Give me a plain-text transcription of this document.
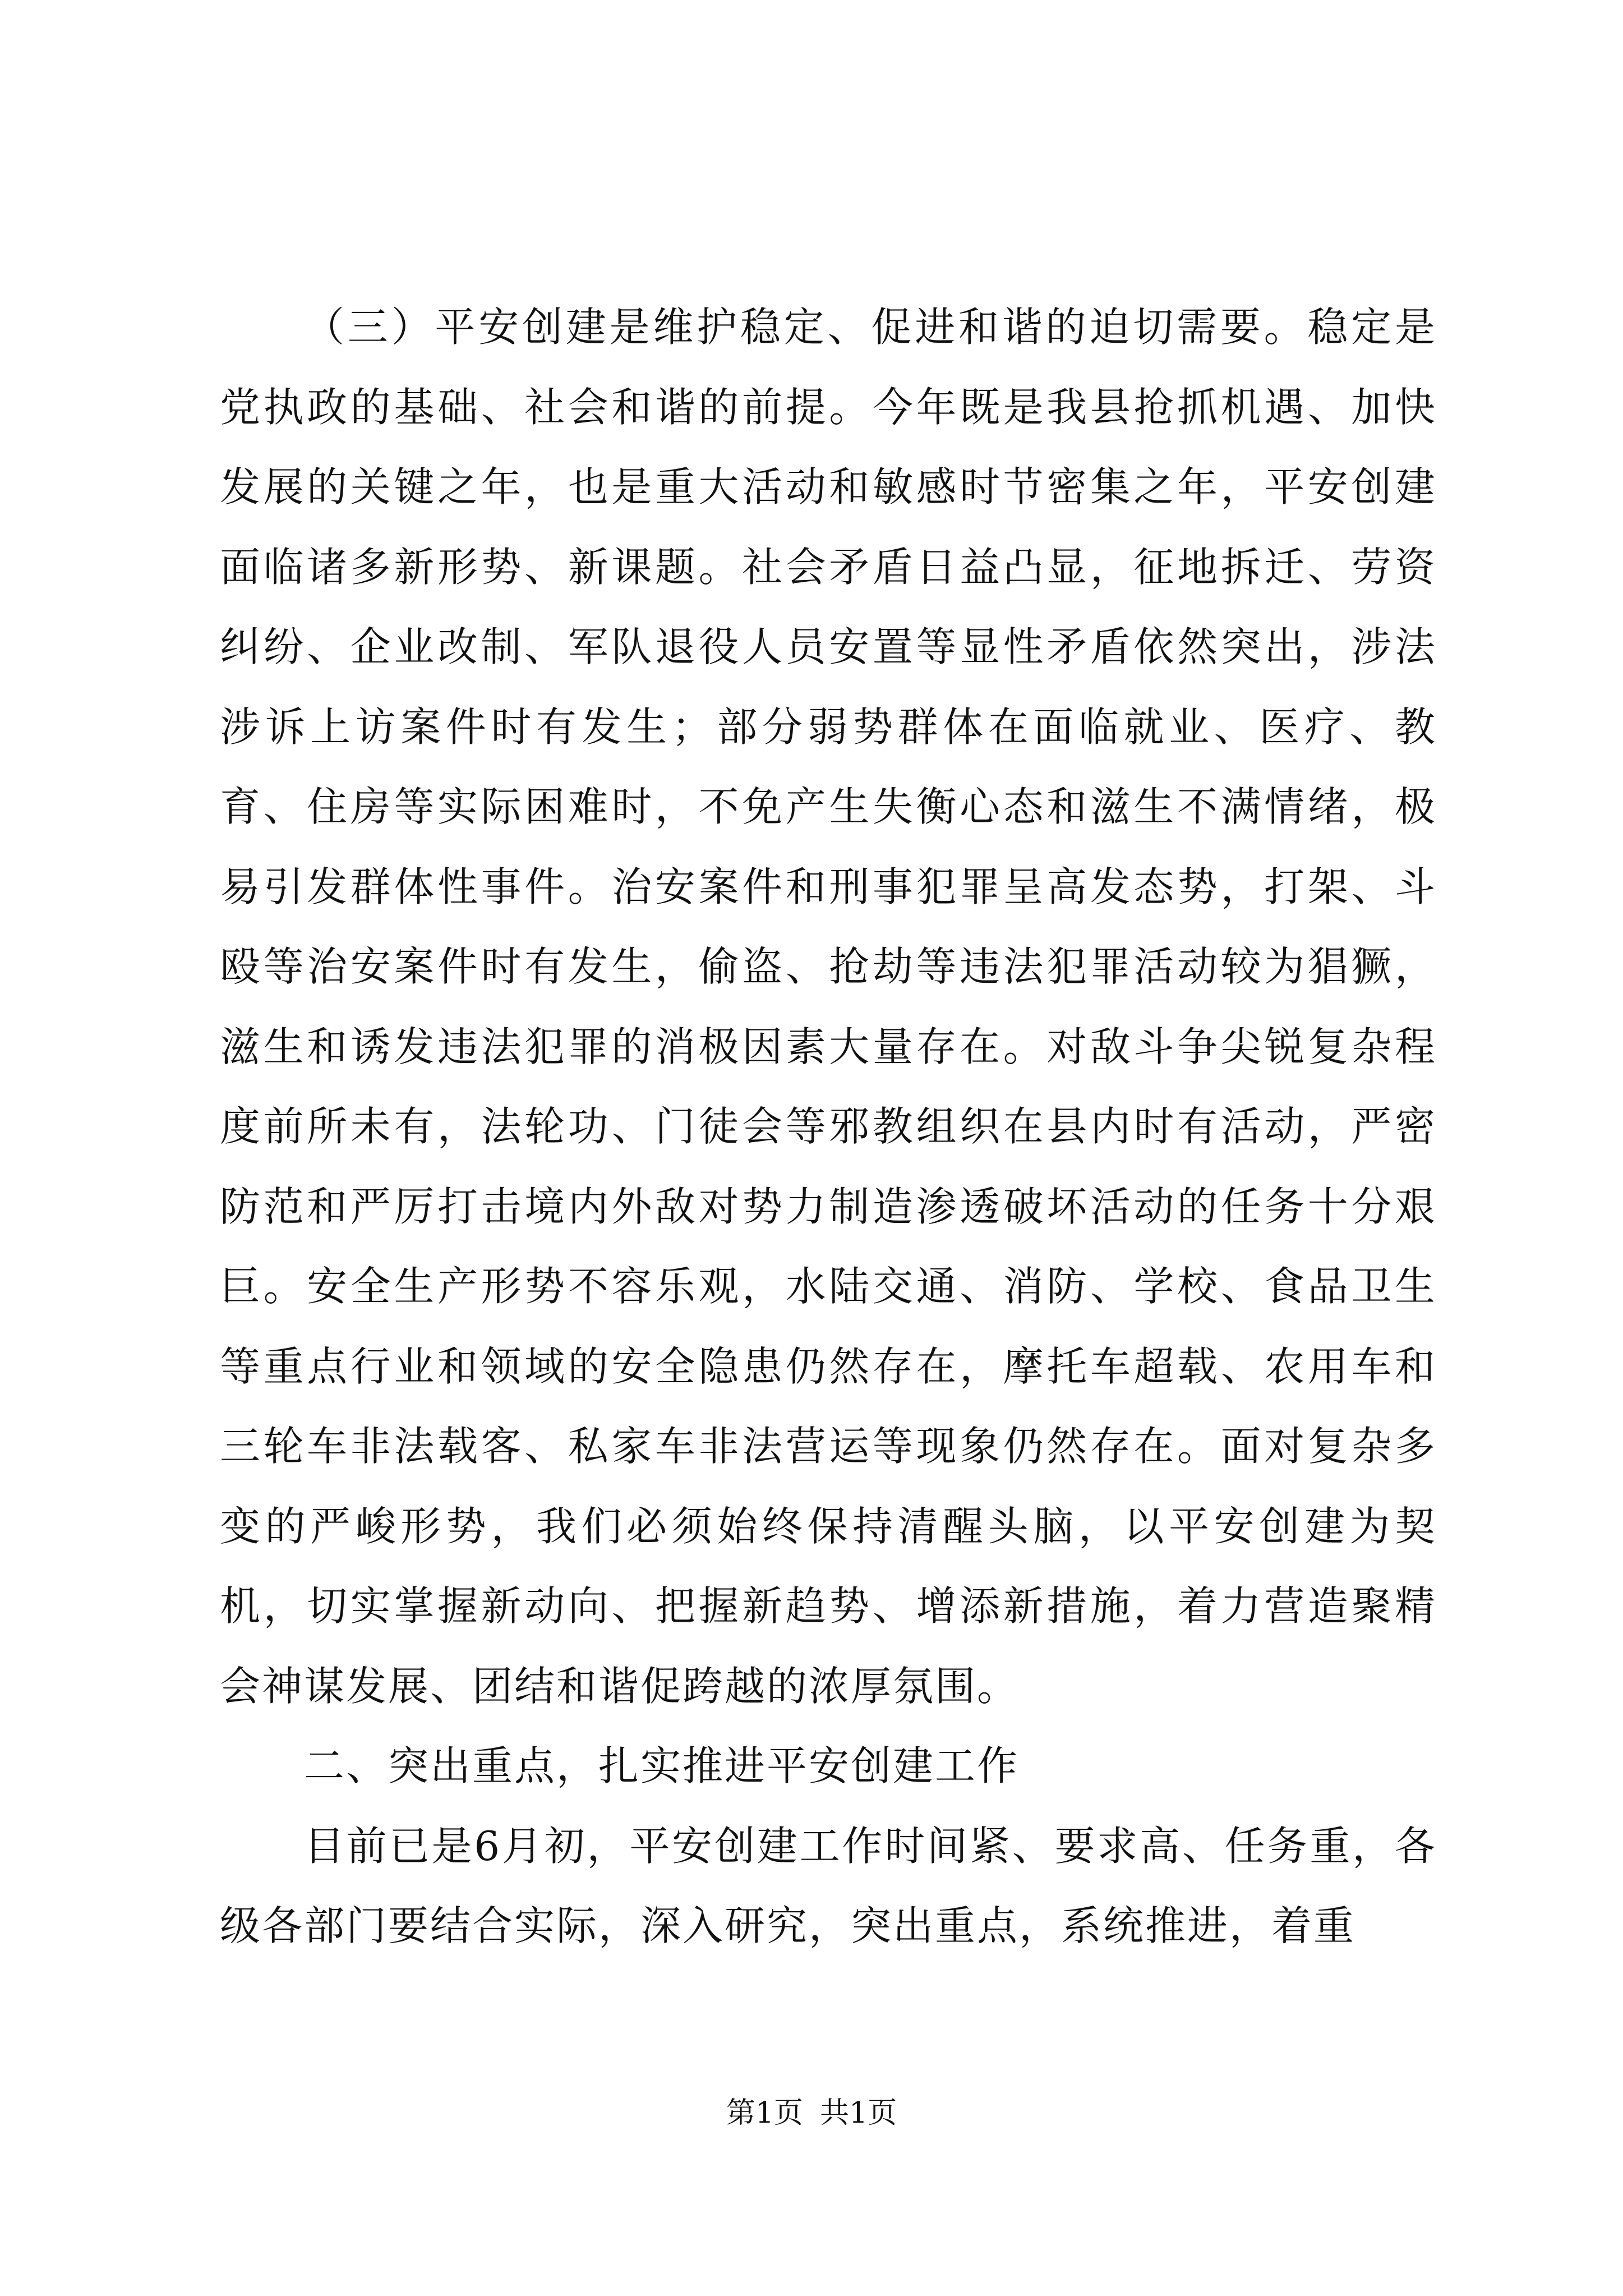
（三）平安创建是维护稳定、促进和谐的迫切需要。稳定是党执政的基础、社会和谐的前提。今年既是我县抢抓机遇、加快发展的关键之年，也是重大活动和敏感时节密集之年，平安创建面临诸多新形势、新课题。社会矛盾日益凸显，征地拆迁、劳资纠纷、企业改制、军队退役人员安置等显性矛盾依然突出，涉法涉诉上访案件时有发生；部分弱势群体在面临就业、医疗、教育、住房等实际困难时，不免产生失衡心态和滋生不满情绪，极易引发群体性事件。治安案件和刑事犯罪呈高发态势，打架、斗殴等治安案件时有发生，偷盗、抢劫等违法犯罪活动较为猖獗，滋生和诱发违法犯罪的消极因素大量存在。对敌斗争尖锐复杂程度前所未有，法轮功、门徒会等邪教组织在县内时有活动，严密防范和严厉打击境内外敌对势力制造渗透破坏活动的任务十分艰巨。安全生产形势不容乐观，水陆交通、消防、学校、食品卫生等重点行业和领域的安全隐患仍然存在，摩托车超载、农用车和三轮车非法载客、私家车非法营运等现象仍然存在。面对复杂多变的严峻形势，我们必须始终保持清醒头脑，以平安创建为契机，切实掌握新动向、把握新趋势、增添新措施，着力营造聚精会神谋发展、团结和谐促跨越的浓厚氛围。

二、突出重点，扎实推进平安创建工作

目前已是6月初，平安创建工作时间紧、要求高、任务重，各级各部门要结合实际，深入研究，突出重点，系统推进，着重

第1页 共1页
